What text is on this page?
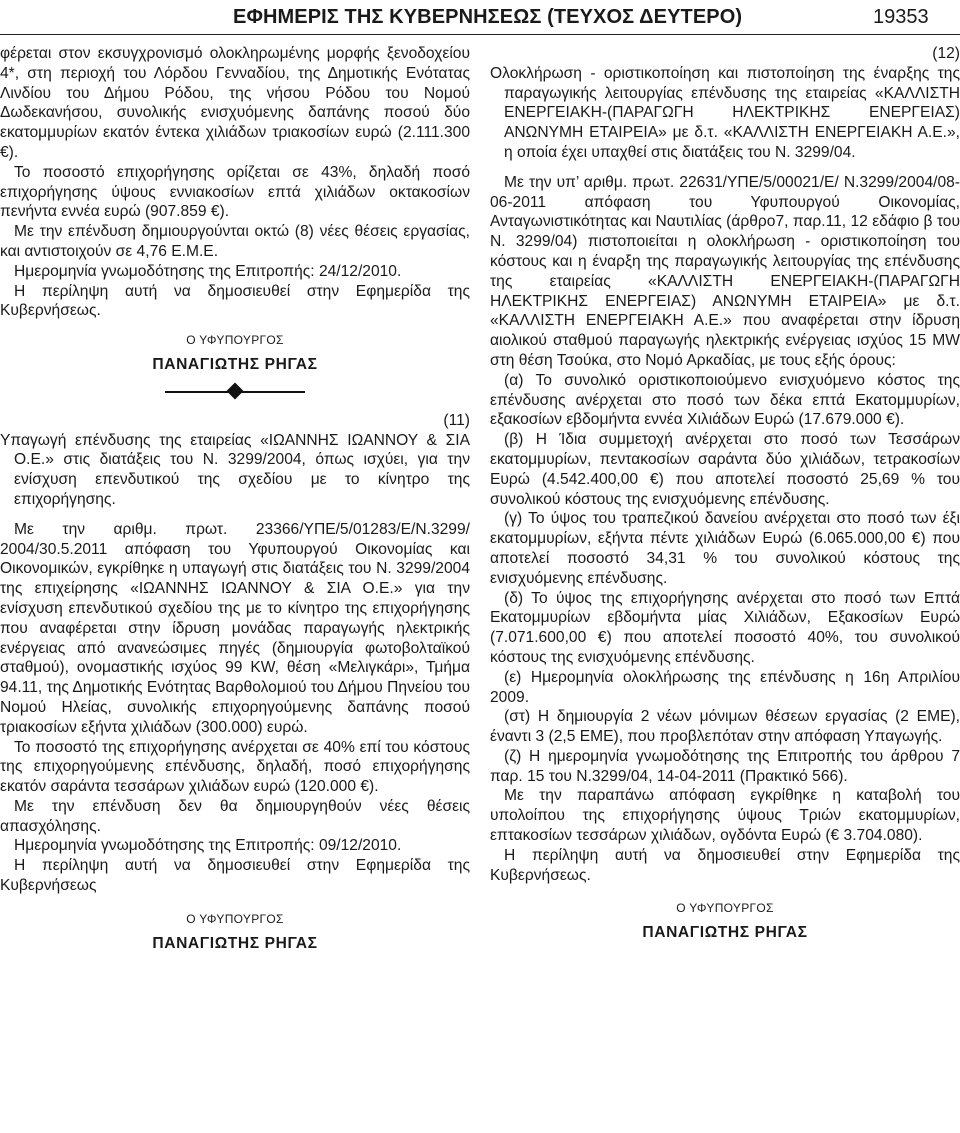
ΕΦΗΜΕΡΙΣ ΤΗΣ ΚΥΒΕΡΝΗΣΕΩΣ (ΤΕΥΧΟΣ ΔΕΥΤΕΡΟ)	19353

φέρεται στον εκσυγχρονισμό ολοκληρωμένης μορφής ξενοδοχείου 4*, στη περιοχή του Λόρδου Γενναδίου, της Δημοτικής Ενότατας Λινδίου του Δήμου Ρόδου, της νήσου Ρόδου του Νομού Δωδεκανήσου, συνολικής ενισχυόμενης δαπάνης ποσού δύο εκατομμυρίων εκατόν έντεκα χιλιάδων τριακοσίων ευρώ (2.111.300 €).

Το ποσοστό επιχορήγησης ορίζεται σε 43%, δηλαδή ποσό επιχορήγησης ύψους εννιακοσίων επτά χιλιάδων οκτακοσίων πενήντα εννέα ευρώ (907.859 €).

Με την επένδυση δημιουργούνται οκτώ (8) νέες θέσεις εργασίας, και αντιστοιχούν σε 4,76 Ε.Μ.Ε.

Ημερομηνία γνωμοδότησης της Επιτροπής: 24/12/2010.

Η περίληψη αυτή να δημοσιευθεί στην Εφημερίδα της Κυβερνήσεως.

Ο ΥΦΥΠΟΥΡΓΟΣ

ΠΑΝΑΓΙΩΤΗΣ ΡΗΓΑΣ

(11)

Υπαγωγή επένδυσης της εταιρείας «ΙΩΑΝΝΗΣ ΙΩΑΝΝΟΥ & ΣΙΑ Ο.Ε.» στις διατάξεις του Ν. 3299/2004, όπως ισχύει, για την ενίσχυση επενδυτικού της σχεδίου με το κίνητρο της επιχορήγησης.

Με την αριθμ. πρωτ. 23366/ΥΠΕ/5/01283/Ε/Ν.3299/ 2004/30.5.2011 απόφαση του Υφυπουργού Οικονομίας και Οικονομικών, εγκρίθηκε η υπαγωγή στις διατάξεις του Ν. 3299/2004 της επιχείρησης «ΙΩΑΝΝΗΣ ΙΩΑΝΝΟΥ & ΣΙΑ Ο.Ε.» για την ενίσχυση επενδυτικού σχεδίου της με το κίνητρο της επιχορήγησης που αναφέρεται στην ίδρυση μονάδας παραγωγής ηλεκτρικής ενέργειας από ανανεώσιμες πηγές (δημιουργία φωτοβολταϊκού σταθμού), ονομαστικής ισχύος 99 KW, θέση «Μελιγκάρι», Τμήμα 94.11, της Δημοτικής Ενότητας Βαρθολομιού του Δήμου Πηνείου του Νομού Ηλείας, συνολικής επιχορηγούμενης δαπάνης ποσού τριακοσίων εξήντα χιλιάδων (300.000) ευρώ.

Το ποσοστό της επιχορήγησης ανέρχεται σε 40% επί του κόστους της επιχορηγούμενης επένδυσης, δηλαδή, ποσό επιχορήγησης εκατόν σαράντα τεσσάρων χιλιάδων ευρώ (120.000 €).

Με την επένδυση δεν θα δημιουργηθούν νέες θέσεις απασχόλησης.

Ημερομηνία γνωμοδότησης της Επιτροπής: 09/12/2010.

Η περίληψη αυτή να δημοσιευθεί στην Εφημερίδα της Κυβερνήσεως

Ο ΥΦΥΠΟΥΡΓΟΣ

ΠΑΝΑΓΙΩΤΗΣ ΡΗΓΑΣ

(12)

Ολοκλήρωση - οριστικοποίηση και πιστοποίηση της έναρξης της παραγωγικής λειτουργίας επένδυσης της εταιρείας «ΚΑΛΛΙΣΤΗ ΕΝΕΡΓΕΙΑΚΗ-(ΠΑΡΑΓΩΓΗ ΗΛΕΚΤΡΙΚΗΣ ΕΝΕΡΓΕΙΑΣ) ΑΝΩΝΥΜΗ ΕΤΑΙΡΕΙΑ» με δ.τ. «ΚΑΛΛΙΣΤΗ ΕΝΕΡΓΕΙΑΚΗ Α.Ε.», η οποία έχει υπαχθεί στις διατάξεις του Ν. 3299/04.

Με την υπ’ αριθμ. πρωτ. 22631/ΥΠΕ/5/00021/Ε/ Ν.3299/2004/08-06-2011 απόφαση του Υφυπουργού Οικονομίας, Ανταγωνιστικότητας και Ναυτιλίας (άρθρο7, παρ.11, 12 εδάφιο β του Ν. 3299/04) πιστοποιείται η ολοκλήρωση - οριστικοποίηση του κόστους και η έναρξη της παραγωγικής λειτουργίας της επένδυσης της εταιρείας «ΚΑΛΛΙΣΤΗ ΕΝΕΡΓΕΙΑΚΗ-(ΠΑΡΑΓΩΓΗ ΗΛΕΚΤΡΙΚΗΣ ΕΝΕΡΓΕΙΑΣ) ΑΝΩΝΥΜΗ ΕΤΑΙΡΕΙΑ» με δ.τ. «ΚΑΛΛΙΣΤΗ ΕΝΕΡΓΕΙΑΚΗ Α.Ε.» που αναφέρεται στην ίδρυση αιολικού σταθμού παραγωγής ηλεκτρικής ενέργειας ισχύος 15 MW στη θέση Τσούκα, στο Νομό Αρκαδίας, με τους εξής όρους:

(α) Το συνολικό οριστικοποιούμενο ενισχυόμενο κόστος της επένδυσης ανέρχεται στο ποσό των δέκα επτά Εκατομμυρίων, εξακοσίων εβδομήντα εννέα Χιλιάδων Ευρώ (17.679.000 €).

(β) Η Ίδια συμμετοχή ανέρχεται στο ποσό των Τεσσάρων εκατομμυρίων, πεντακοσίων σαράντα δύο χιλιάδων, τετρακοσίων Ευρώ (4.542.400,00 €) που αποτελεί ποσοστό 25,69 % του συνολικού κόστους της ενισχυόμενης επένδυσης.

(γ) Το ύψος του τραπεζικού δανείου ανέρχεται στο ποσό των έξι εκατομμυρίων, εξήντα πέντε χιλιάδων Ευρώ (6.065.000,00 €) που αποτελεί ποσοστό 34,31 % του συνολικού κόστους της ενισχυόμενης επένδυσης.

(δ) Το ύψος της επιχορήγησης ανέρχεται στο ποσό των Επτά Εκατομμυρίων εβδομήντα μίας Χιλιάδων, Εξακοσίων Ευρώ (7.071.600,00 €) που αποτελεί ποσοστό 40%, του συνολικού κόστους της ενισχυόμενης επένδυσης.

(ε) Ημερομηνία ολοκλήρωσης της επένδυσης η 16η Απριλίου 2009.

(στ) Η δημιουργία 2 νέων μόνιμων θέσεων εργασίας (2 ΕΜΕ), έναντι 3 (2,5 ΕΜΕ), που προβλεπόταν στην απόφαση Υπαγωγής.

(ζ) Η ημερομηνία γνωμοδότησης της Επιτροπής του άρθρου 7 παρ. 15 του Ν.3299/04, 14-04-2011 (Πρακτικό 566).

Με την παραπάνω απόφαση εγκρίθηκε η καταβολή του υπολοίπου της επιχορήγησης ύψους Τριών εκατομμυρίων, επτακοσίων τεσσάρων χιλιάδων, ογδόντα Ευρώ (€ 3.704.080).

Η περίληψη αυτή να δημοσιευθεί στην Εφημερίδα της Κυβερνήσεως.

Ο ΥΦΥΠΟΥΡΓΟΣ

ΠΑΝΑΓΙΩΤΗΣ ΡΗΓΑΣ
